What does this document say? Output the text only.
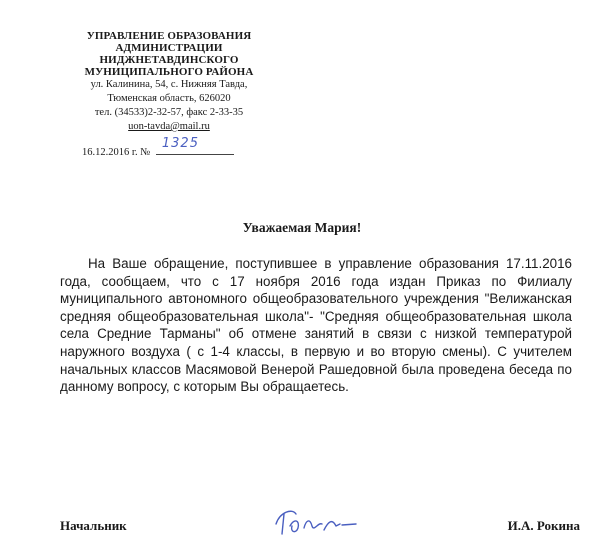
УПРАВЛЕНИЕ ОБРАЗОВАНИЯ
АДМИНИСТРАЦИИ
НИДЖНЕТАВДИНСКОГО
МУНИЦИПАЛЬНОГО РАЙОНА
ул. Калинина, 54, с. Нижняя Тавда,
Тюменская область, 626020
тел. (34533)2-32-57, факс 2-33-35
uon-tavda@mail.ru
16.12.2016 г. №
1325
Уважаемая Мария!

На Ваше обращение, поступившее в управление образования 17.11.2016 года, сообщаем, что с 17 ноября 2016 года издан Приказ по Филиалу муниципального автономного общеобразовательного учреждения "Велижанская средняя общеобразовательная школа"- "Средняя общеобразовательная школа села Средние Тарманы" об отмене занятий в связи с низкой температурой наружного воздуха ( с 1-4 классы, в первую и во вторую смены). С учителем начальных классов Масямовой Венерой Рашедовной была проведена беседа по данному вопросу, с которым Вы обращаетесь.

Начальник	И.А. Рокина
